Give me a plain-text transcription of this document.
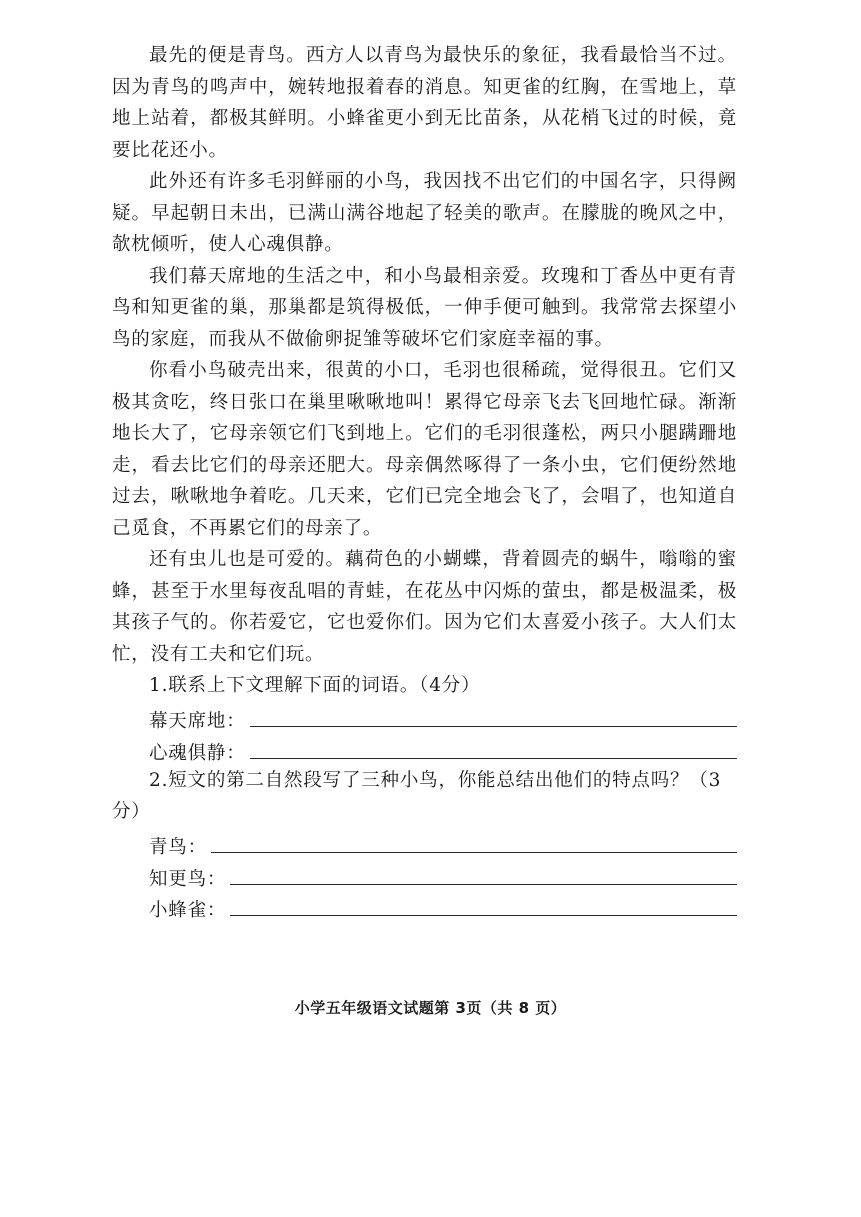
最先的便是青鸟。西方人以青鸟为最快乐的象征，我看最恰当不过。因为青鸟的鸣声中，婉转地报着春的消息。知更雀的红胸，在雪地上，草地上站着，都极其鲜明。小蜂雀更小到无比苗条，从花梢飞过的时候，竟要比花还小。

此外还有许多毛羽鲜丽的小鸟，我因找不出它们的中国名字，只得阙疑。早起朝日未出，已满山满谷地起了轻美的歌声。在朦胧的晚风之中，欹枕倾听，使人心魂俱静。

我们幕天席地的生活之中，和小鸟最相亲爱。玫瑰和丁香丛中更有青鸟和知更雀的巢，那巢都是筑得极低，一伸手便可触到。我常常去探望小鸟的家庭，而我从不做偷卵捉雏等破坏它们家庭幸福的事。

你看小鸟破壳出来，很黄的小口，毛羽也很稀疏，觉得很丑。它们又极其贪吃，终日张口在巢里啾啾地叫！累得它母亲飞去飞回地忙碌。渐渐地长大了，它母亲领它们飞到地上。它们的毛羽很蓬松，两只小腿蹒跚地走，看去比它们的母亲还肥大。母亲偶然啄得了一条小虫，它们便纷然地过去，啾啾地争着吃。几天来，它们已完全地会飞了，会唱了，也知道自己觅食，不再累它们的母亲了。

还有虫儿也是可爱的。藕荷色的小蝴蝶，背着圆壳的蜗牛，嗡嗡的蜜蜂，甚至于水里每夜乱唱的青蛙，在花丛中闪烁的萤虫，都是极温柔，极其孩子气的。你若爱它，它也爱你们。因为它们太喜爱小孩子。大人们太忙，没有工夫和它们玩。

1.联系上下文理解下面的词语。（4分）

幕天席地：
心魂俱静：

2.短文的第二自然段写了三种小鸟，你能总结出他们的特点吗？（3分）

青鸟：
知更鸟：
小蜂雀：
小学五年级语文试题第 3页（共 8 页）
